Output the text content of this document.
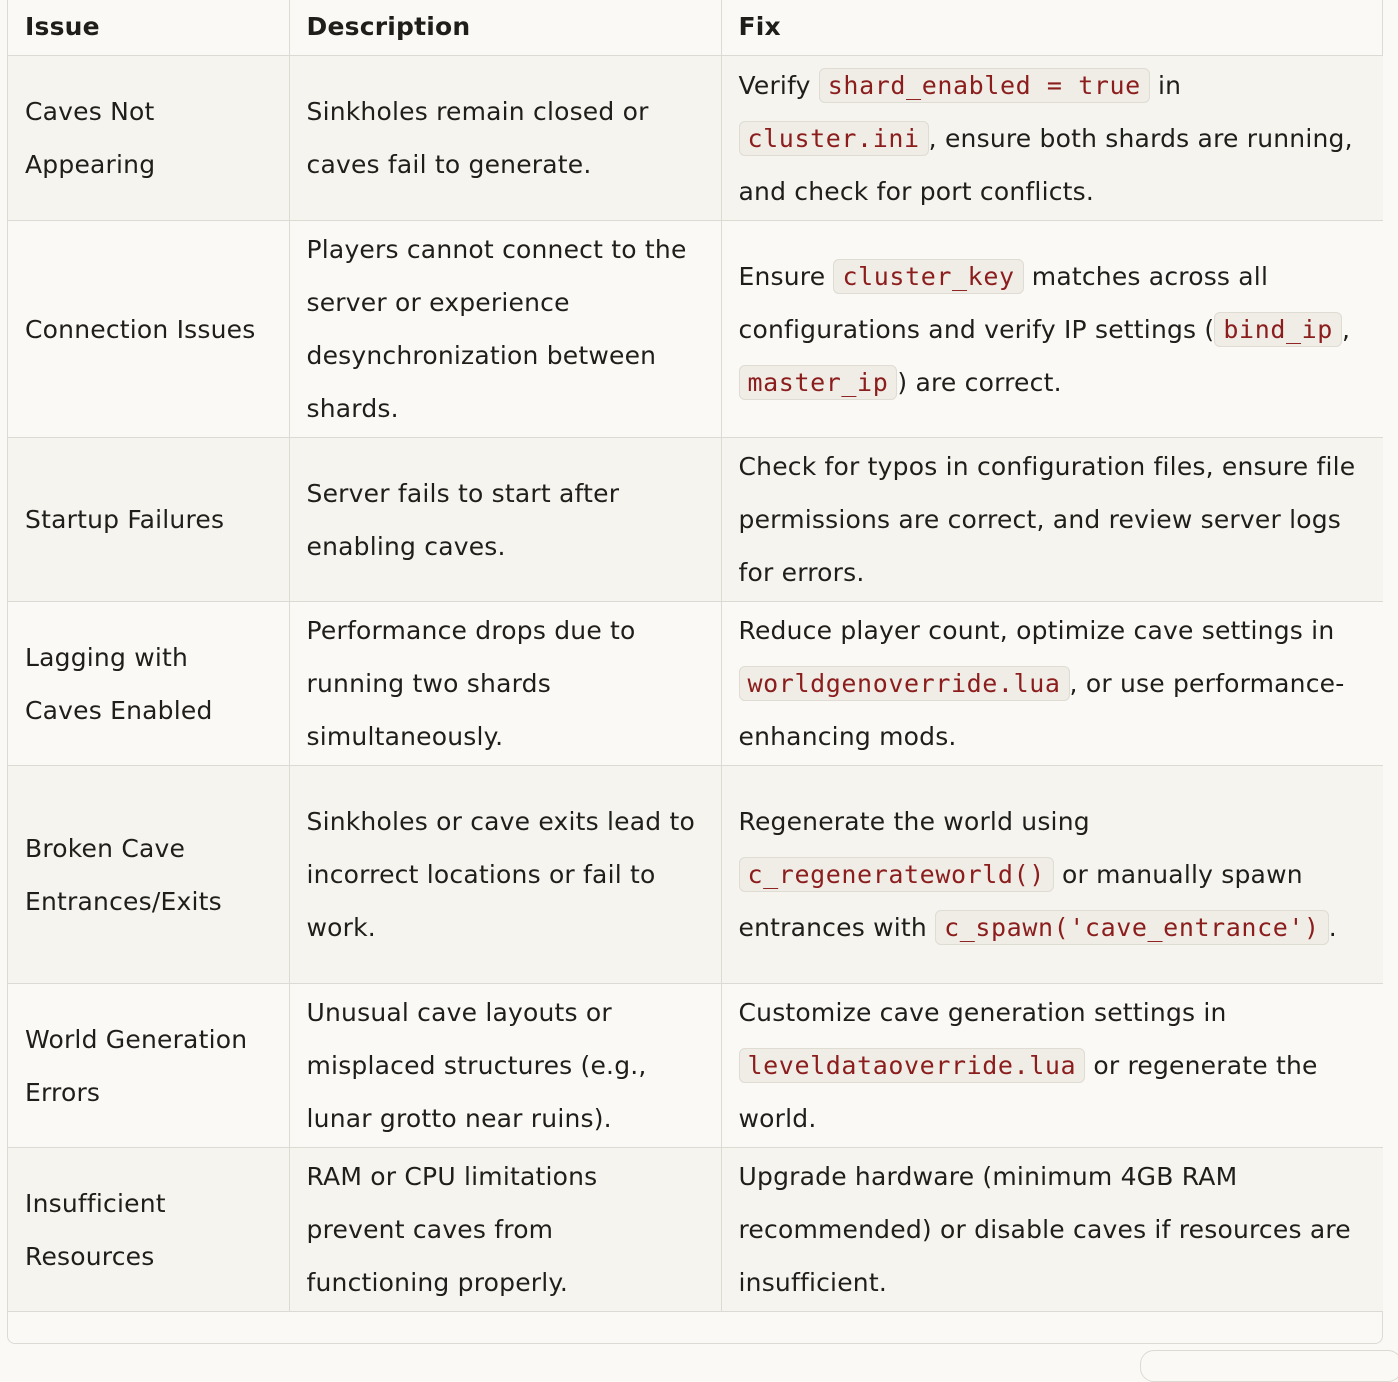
Issue	Description	Fix
Caves Not Appearing	Sinkholes remain closed or caves fail to generate.	Verify shard_enabled = true in cluster.ini , ensure both shards are running, and check for port conflicts.
Connection Issues	Players cannot connect to the server or experience desynchronization between shards.	Ensure cluster_key matches across all configurations and verify IP settings ( bind_ip , master_ip ) are correct.
Startup Failures	Server fails to start after enabling caves.	Check for typos in configuration files, ensure file permissions are correct, and review server logs for errors.
Lagging with Caves Enabled	Performance drops due to running two shards simultaneously.	Reduce player count, optimize cave settings in worldgenoverride.lua , or use performance-enhancing mods.
Broken Cave Entrances/Exits	Sinkholes or cave exits lead to incorrect locations or fail to work.	Regenerate the world using c_regenerateworld() or manually spawn entrances with c_spawn('cave_entrance') .
World Generation Errors	Unusual cave layouts or misplaced structures (e.g., lunar grotto near ruins).	Customize cave generation settings in leveldataoverride.lua or regenerate the world.
Insufficient Resources	RAM or CPU limitations prevent caves from functioning properly.	Upgrade hardware (minimum 4GB RAM recommended) or disable caves if resources are insufficient.
